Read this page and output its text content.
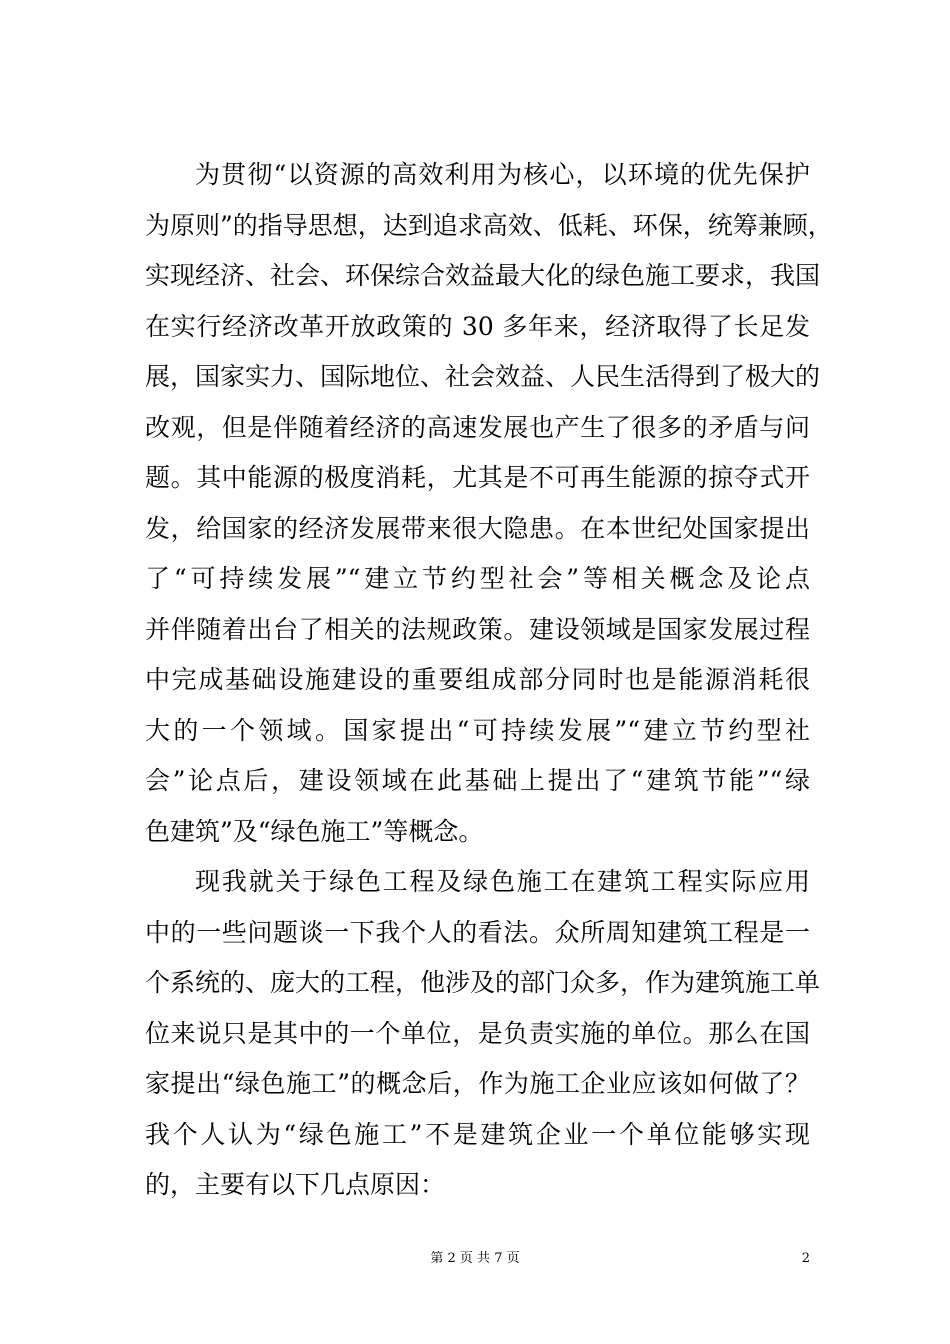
为贯彻“以资源的高效利用为核心，以环境的优先保护
为原则”的指导思想，达到追求高效、低耗、环保，统筹兼顾，
实现经济、社会、环保综合效益最大化的绿色施工要求，我国
在实行经济改革开放政策的 30 多年来，经济取得了长足发
展，国家实力、国际地位、社会效益、人民生活得到了极大的
改观，但是伴随着经济的高速发展也产生了很多的矛盾与问
题。其中能源的极度消耗，尤其是不可再生能源的掠夺式开
发，给国家的经济发展带来很大隐患。在本世纪处国家提出
了“可持续发展”“建立节约型社会”等相关概念及论点
并伴随着出台了相关的法规政策。建设领域是国家发展过程
中完成基础设施建设的重要组成部分同时也是能源消耗很
大的一个领域。国家提出“可持续发展”“建立节约型社
会”论点后，建设领域在此基础上提出了“建筑节能”“绿
色建筑”及“绿色施工”等概念。
现我就关于绿色工程及绿色施工在建筑工程实际应用
中的一些问题谈一下我个人的看法。众所周知建筑工程是一
个系统的、庞大的工程，他涉及的部门众多，作为建筑施工单
位来说只是其中的一个单位，是负责实施的单位。那么在国
家提出“绿色施工”的概念后，作为施工企业应该如何做了？
我个人认为“绿色施工”不是建筑企业一个单位能够实现
的，主要有以下几点原因：
第 2 页 共 7 页	2
